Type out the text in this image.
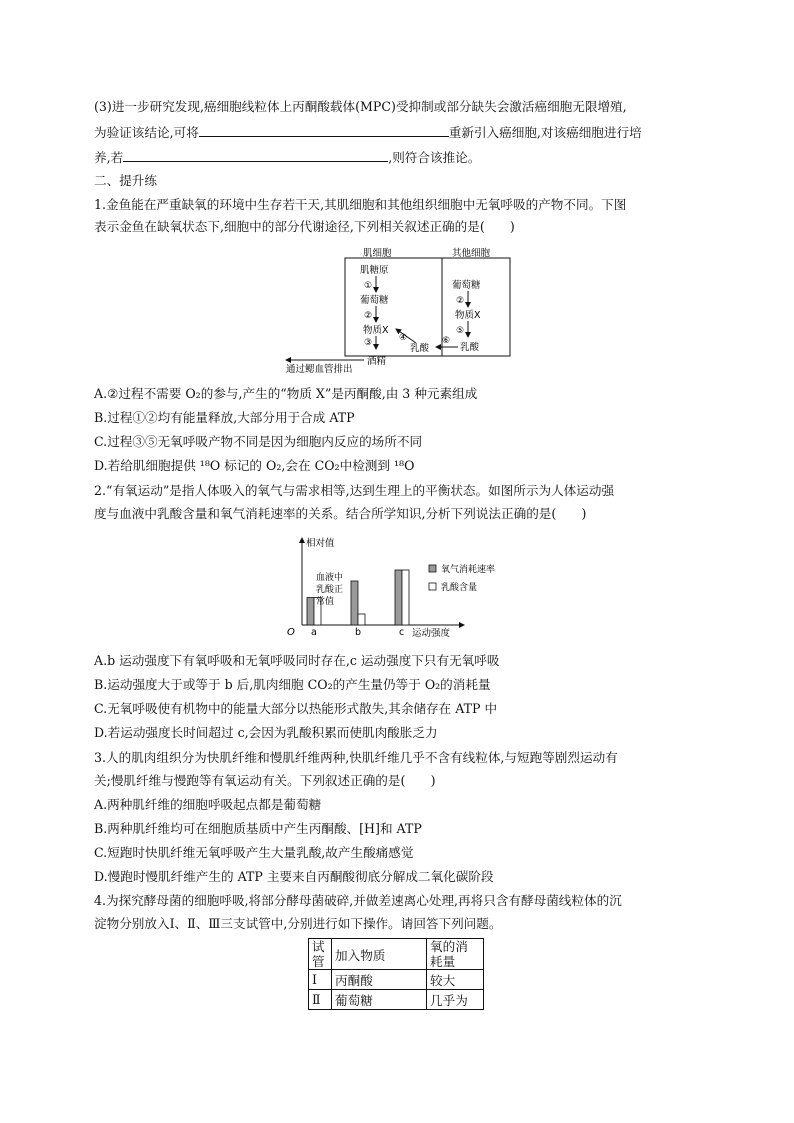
(3)进一步研究发现,癌细胞线粒体上丙酮酸载体(MPC)受抑制或部分缺失会激活癌细胞无限增殖,
为验证该结论,可将	重新引入癌细胞,对该癌细胞进行培
养,若	,则符合该推论。
二、提升练
1.金鱼能在严重缺氧的环境中生存若干天,其肌细胞和其他组织细胞中无氧呼吸的产物不同。下图
表示金鱼在缺氧状态下,细胞中的部分代谢途径,下列相关叙述正确的是(　　)
肌细胞	其他细胞
肌糖原
①
葡萄糖
②
物质X
③
酒精
④
乳酸
葡萄糖
②
物质X
⑤
乳酸
⑥
通过鳃血管排出
A.②过程不需要 O₂的参与,产生的“物质 X”是丙酮酸,由 3 种元素组成
B.过程①②均有能量释放,大部分用于合成 ATP
C.过程③⑤无氧呼吸产物不同是因为细胞内反应的场所不同
D.若给肌细胞提供 ¹⁸O 标记的 O₂,会在 CO₂中检测到 ¹⁸O
2.“有氧运动”是指人体吸入的氧气与需求相等,达到生理上的平衡状态。如图所示为人体运动强
度与血液中乳酸含量和氧气消耗速率的关系。结合所学知识,分析下列说法正确的是(　　)
相对值
O	运动强度
a	b	c
血液中
乳酸正
常值
氧气消耗速率
乳酸含量
A.b 运动强度下有氧呼吸和无氧呼吸同时存在,c 运动强度下只有无氧呼吸
B.运动强度大于或等于 b 后,肌肉细胞 CO₂的产生量仍等于 O₂的消耗量
C.无氧呼吸使有机物中的能量大部分以热能形式散失,其余储存在 ATP 中
D.若运动强度长时间超过 c,会因为乳酸积累而使肌肉酸胀乏力
3.人的肌肉组织分为快肌纤维和慢肌纤维两种,快肌纤维几乎不含有线粒体,与短跑等剧烈运动有
关;慢肌纤维与慢跑等有氧运动有关。下列叙述正确的是(　　)
A.两种肌纤维的细胞呼吸起点都是葡萄糖
B.两种肌纤维均可在细胞质基质中产生丙酮酸、[H]和 ATP
C.短跑时快肌纤维无氧呼吸产生大量乳酸,故产生酸痛感觉
D.慢跑时慢肌纤维产生的 ATP 主要来自丙酮酸彻底分解成二氧化碳阶段
4.为探究酵母菌的细胞呼吸,将部分酵母菌破碎,并做差速离心处理,再将只含有酵母菌线粒体的沉
淀物分别放入Ⅰ、Ⅱ、Ⅲ三支试管中,分别进行如下操作。请回答下列问题。
试管	加入物质	氧的消耗量
Ⅰ	丙酮酸	较大
Ⅱ	葡萄糖	几乎为
